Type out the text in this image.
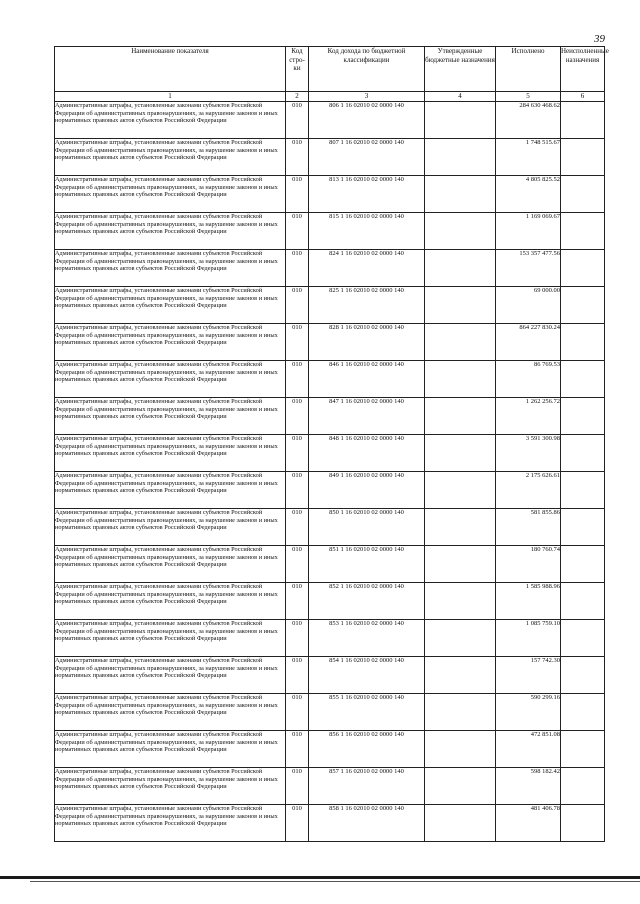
39
Наименование показателя	Код стро-ки	Код дохода по бюджетной классификации	Утвержденные бюджетные назначения	Исполнено	Неисполненные назначения
1	2	3	4	5	6
Административные штрафы, установленные законами субъектов Российской Федерации об административных правонарушениях, за нарушение законов и иных нормативных правовых актов субъектов Российской Федерации	010	806 1 16 02010 02 0000 140		284 630 468.62	
Административные штрафы, установленные законами субъектов Российской Федерации об административных правонарушениях, за нарушение законов и иных нормативных правовых актов субъектов Российской Федерации	010	807 1 16 02010 02 0000 140		1 748 515.67	
Административные штрафы, установленные законами субъектов Российской Федерации об административных правонарушениях, за нарушение законов и иных нормативных правовых актов субъектов Российской Федерации	010	813 1 16 02010 02 0000 140		4 805 825.52	
Административные штрафы, установленные законами субъектов Российской Федерации об административных правонарушениях, за нарушение законов и иных нормативных правовых актов субъектов Российской Федерации	010	815 1 16 02010 02 0000 140		1 169 069.67	
Административные штрафы, установленные законами субъектов Российской Федерации об административных правонарушениях, за нарушение законов и иных нормативных правовых актов субъектов Российской Федерации	010	824 1 16 02010 02 0000 140		153 357 477.56	
Административные штрафы, установленные законами субъектов Российской Федерации об административных правонарушениях, за нарушение законов и иных нормативных правовых актов субъектов Российской Федерации	010	825 1 16 02010 02 0000 140		69 000.00	
Административные штрафы, установленные законами субъектов Российской Федерации об административных правонарушениях, за нарушение законов и иных нормативных правовых актов субъектов Российской Федерации	010	828 1 16 02010 02 0000 140		864 227 830.24	
Административные штрафы, установленные законами субъектов Российской Федерации об административных правонарушениях, за нарушение законов и иных нормативных правовых актов субъектов Российской Федерации	010	846 1 16 02010 02 0000 140		86 769.53	
Административные штрафы, установленные законами субъектов Российской Федерации об административных правонарушениях, за нарушение законов и иных нормативных правовых актов субъектов Российской Федерации	010	847 1 16 02010 02 0000 140		1 262 256.72	
Административные штрафы, установленные законами субъектов Российской Федерации об административных правонарушениях, за нарушение законов и иных нормативных правовых актов субъектов Российской Федерации	010	848 1 16 02010 02 0000 140		3 591 300.98	
Административные штрафы, установленные законами субъектов Российской Федерации об административных правонарушениях, за нарушение законов и иных нормативных правовых актов субъектов Российской Федерации	010	849 1 16 02010 02 0000 140		2 175 626.61	
Административные штрафы, установленные законами субъектов Российской Федерации об административных правонарушениях, за нарушение законов и иных нормативных правовых актов субъектов Российской Федерации	010	850 1 16 02010 02 0000 140		581 855.86	
Административные штрафы, установленные законами субъектов Российской Федерации об административных правонарушениях, за нарушение законов и иных нормативных правовых актов субъектов Российской Федерации	010	851 1 16 02010 02 0000 140		180 760.74	
Административные штрафы, установленные законами субъектов Российской Федерации об административных правонарушениях, за нарушение законов и иных нормативных правовых актов субъектов Российской Федерации	010	852 1 16 02010 02 0000 140		1 585 988.96	
Административные штрафы, установленные законами субъектов Российской Федерации об административных правонарушениях, за нарушение законов и иных нормативных правовых актов субъектов Российской Федерации	010	853 1 16 02010 02 0000 140		1 085 759.10	
Административные штрафы, установленные законами субъектов Российской Федерации об административных правонарушениях, за нарушение законов и иных нормативных правовых актов субъектов Российской Федерации	010	854 1 16 02010 02 0000 140		157 742.30	
Административные штрафы, установленные законами субъектов Российской Федерации об административных правонарушениях, за нарушение законов и иных нормативных правовых актов субъектов Российской Федерации	010	855 1 16 02010 02 0000 140		590 299.16	
Административные штрафы, установленные законами субъектов Российской Федерации об административных правонарушениях, за нарушение законов и иных нормативных правовых актов субъектов Российской Федерации	010	856 1 16 02010 02 0000 140		472 851.08	
Административные штрафы, установленные законами субъектов Российской Федерации об административных правонарушениях, за нарушение законов и иных нормативных правовых актов субъектов Российской Федерации	010	857 1 16 02010 02 0000 140		598 182.42	
Административные штрафы, установленные законами субъектов Российской Федерации об административных правонарушениях, за нарушение законов и иных нормативных правовых актов субъектов Российской Федерации	010	858 1 16 02010 02 0000 140		481 406.78	
